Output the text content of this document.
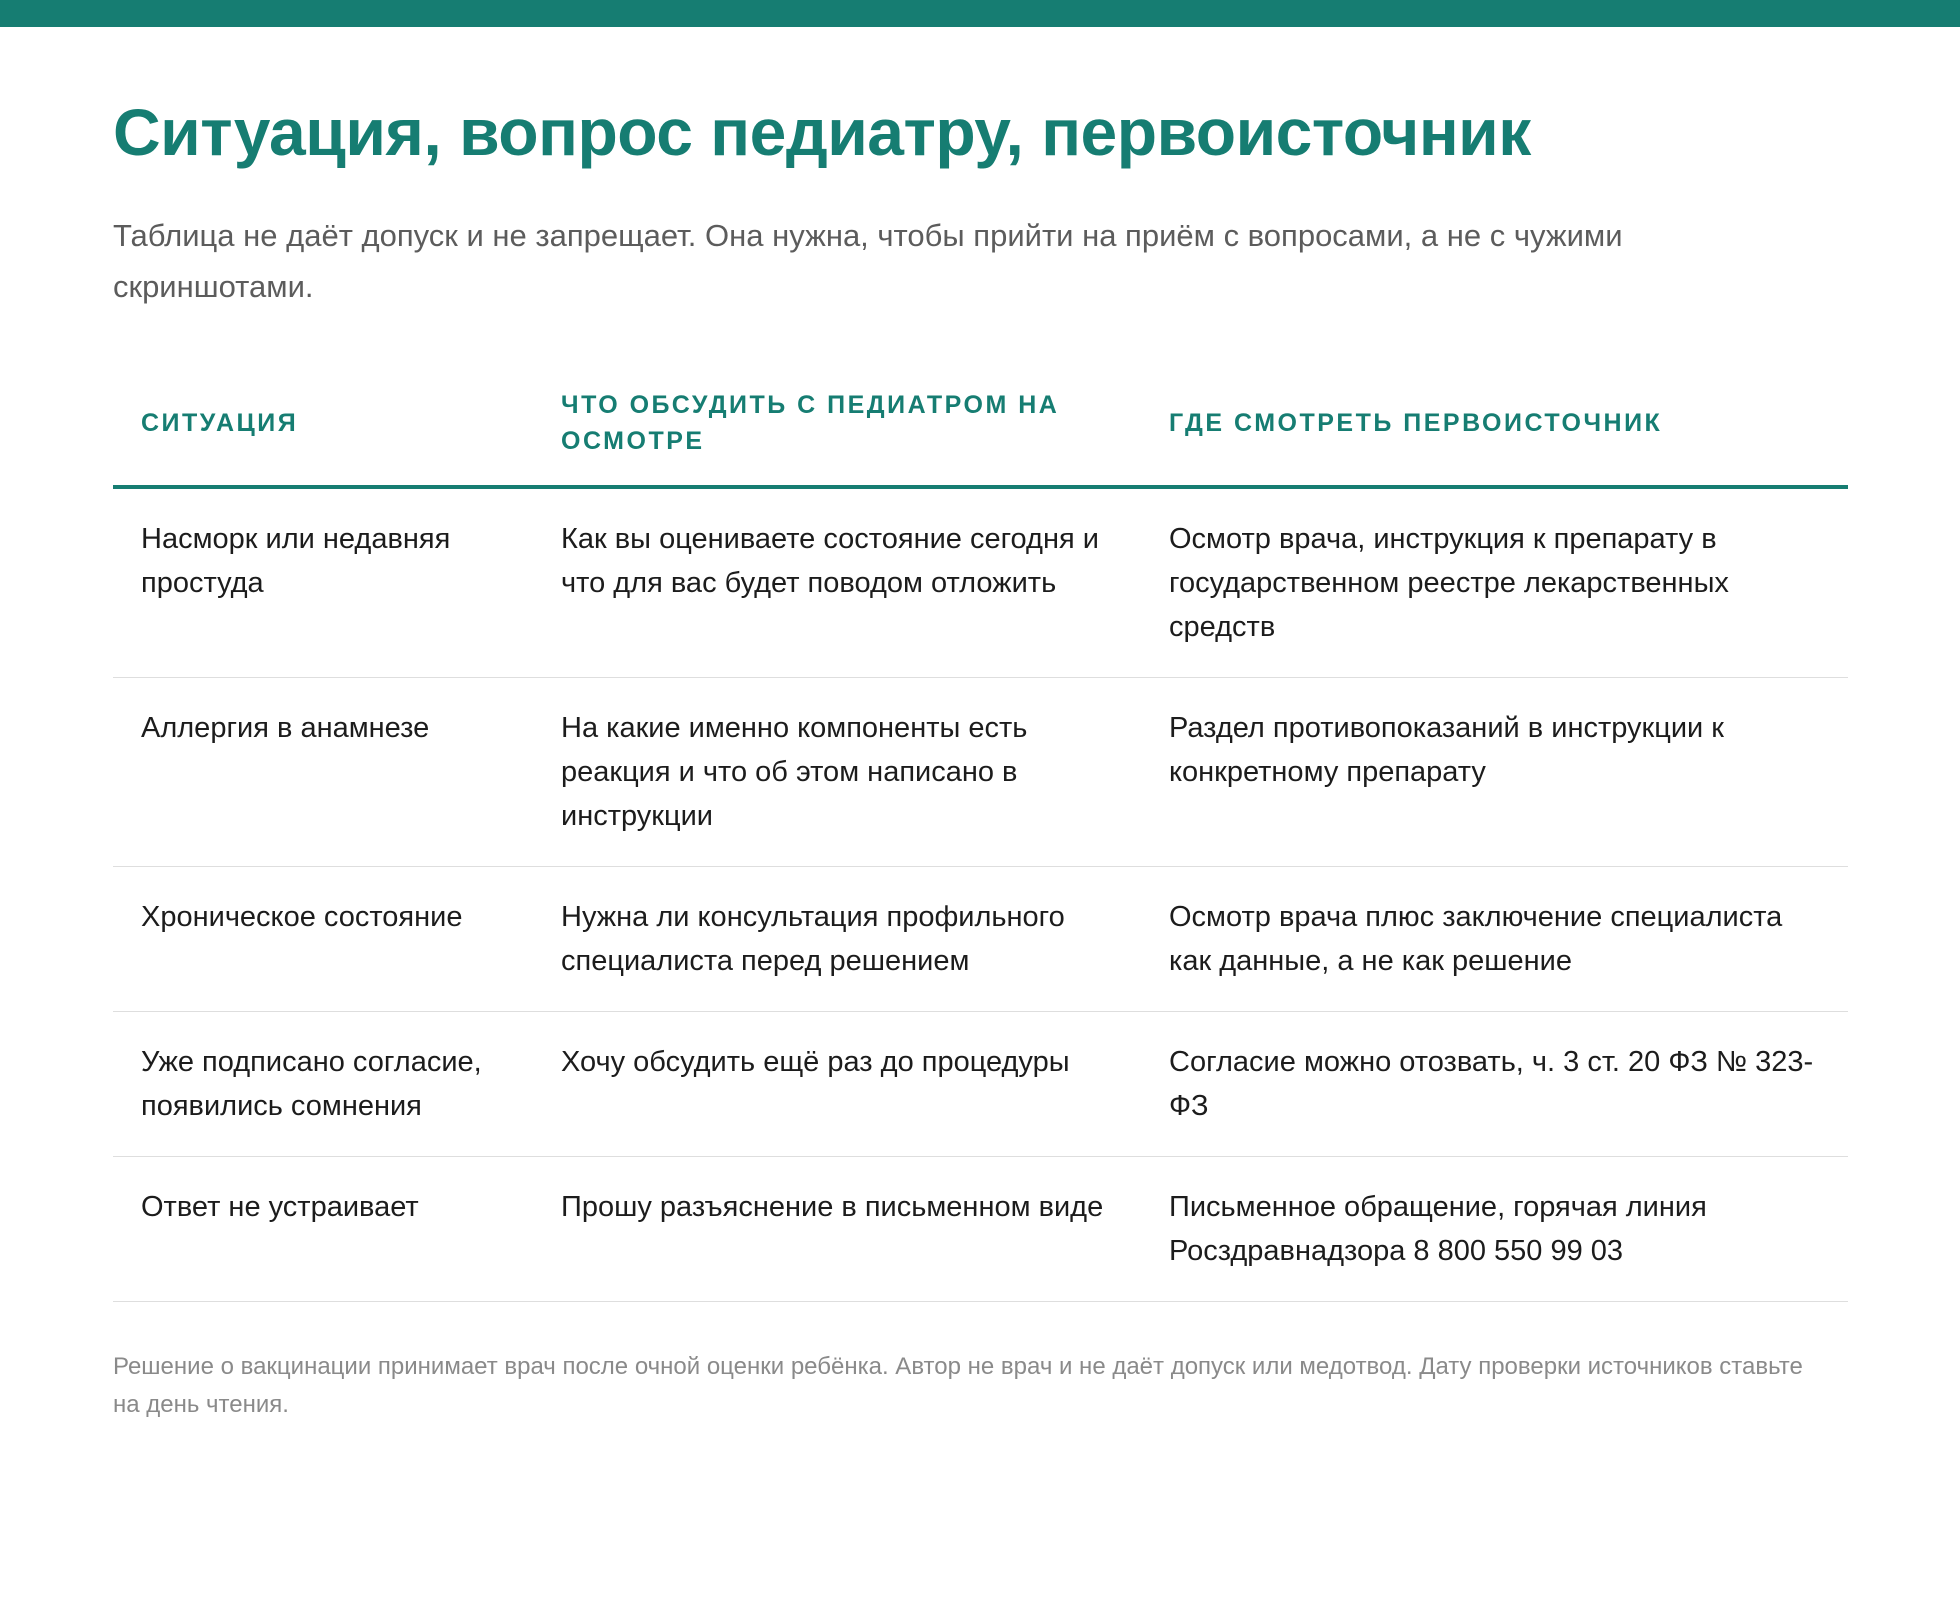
Ситуация, вопрос педиатру, первоисточник
Таблица не даёт допуск и не запрещает. Она нужна, чтобы прийти на приём с вопросами, а не с чужими скриншотами.
СИТУАЦИЯ	ЧТО ОБСУДИТЬ С ПЕДИАТРОМ НА ОСМОТРЕ	ГДЕ СМОТРЕТЬ ПЕРВОИСТОЧНИК
Насморк или недавняя простуда	Как вы оцениваете состояние сегодня и что для вас будет поводом отложить	Осмотр врача, инструкция к препарату в государственном реестре лекарственных средств
Аллергия в анамнезе	На какие именно компоненты есть реакция и что об этом написано в инструкции	Раздел противопоказаний в инструкции к конкретному препарату
Хроническое состояние	Нужна ли консультация профильного специалиста перед решением	Осмотр врача плюс заключение специалиста как данные, а не как решение
Уже подписано согласие, появились сомнения	Хочу обсудить ещё раз до процедуры	Согласие можно отозвать, ч. 3 ст. 20 ФЗ № 323-ФЗ
Ответ не устраивает	Прошу разъяснение в письменном виде	Письменное обращение, горячая линия Росздравнадзора 8 800 550 99 03
Решение о вакцинации принимает врач после очной оценки ребёнка. Автор не врач и не даёт допуск или медотвод. Дату проверки источников ставьте на день чтения.
